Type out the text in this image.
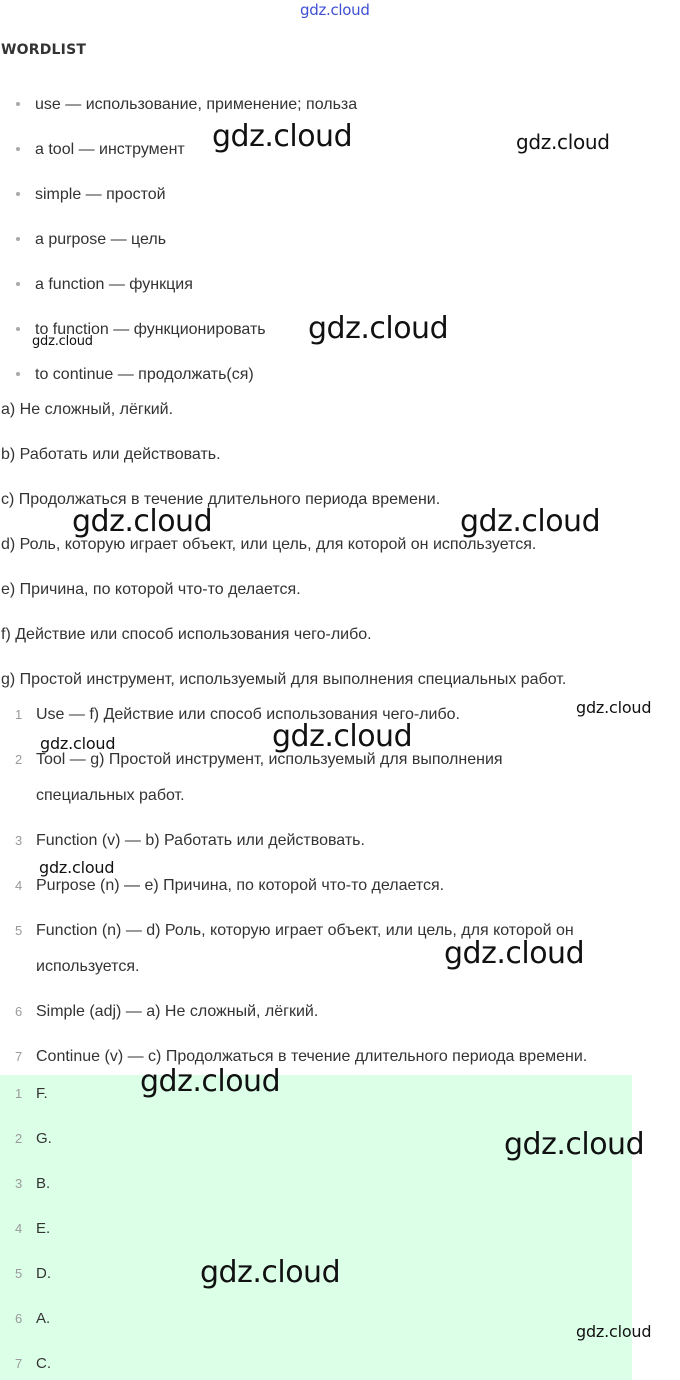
gdz.cloud
WORDLIST
use — использование, применение; польза
a tool — инструмент
simple — простой
a purpose — цель
a function — функция
to function — функционировать
to continue — продолжать(ся)
a) Не сложный, лёгкий.
b) Работать или действовать.
c) Продолжаться в течение длительного периода времени.
d) Роль, которую играет объект, или цель, для которой он используется.
e) Причина, по которой что-то делается.
f) Действие или способ использования чего-либо.
g) Простой инструмент, используемый для выполнения специальных работ.
1 Use — f) Действие или способ использования чего-либо.
2 Tool — g) Простой инструмент, используемый для выполнения специальных работ.
3 Function (v) — b) Работать или действовать.
4 Purpose (n) — e) Причина, по которой что-то делается.
5 Function (n) — d) Роль, которую играет объект, или цель, для которой он используется.
6 Simple (adj) — a) Не сложный, лёгкий.
7 Continue (v) — c) Продолжаться в течение длительного периода времени.
1 F.
2 G.
3 B.
4 E.
5 D.
6 A.
7 C.
gdz.cloud	gdz.cloud
gdz.cloud
gdz.cloud
gdz.cloud	gdz.cloud
gdz.cloud
gdz.cloud	gdz.cloud
gdz.cloud
gdz.cloud
gdz.cloud
gdz.cloud
gdz.cloud
gdz.cloud
